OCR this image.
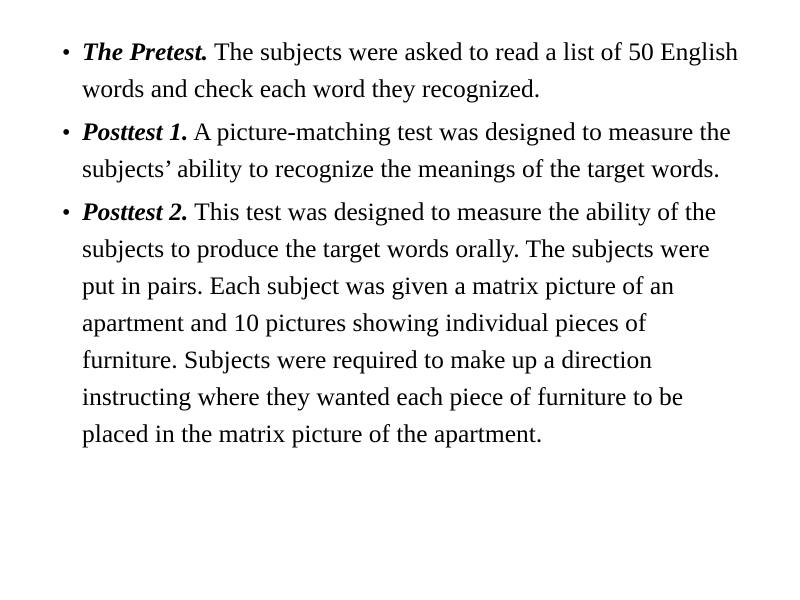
•
The Pretest. The subjects were asked to read a list of 50 English words and check each word they recognized.
•
Posttest 1. A picture-matching test was designed to measure the subjects’ ability to recognize the meanings of the target words.
•
Posttest 2. This test was designed to measure the ability of the subjects to produce the target words orally. The subjects were put in pairs. Each subject was given a matrix picture of an apartment and 10 pictures showing individual pieces of furniture. Subjects were required to make up a direction instructing where they wanted each piece of furniture to be placed in the matrix picture of the apartment.
